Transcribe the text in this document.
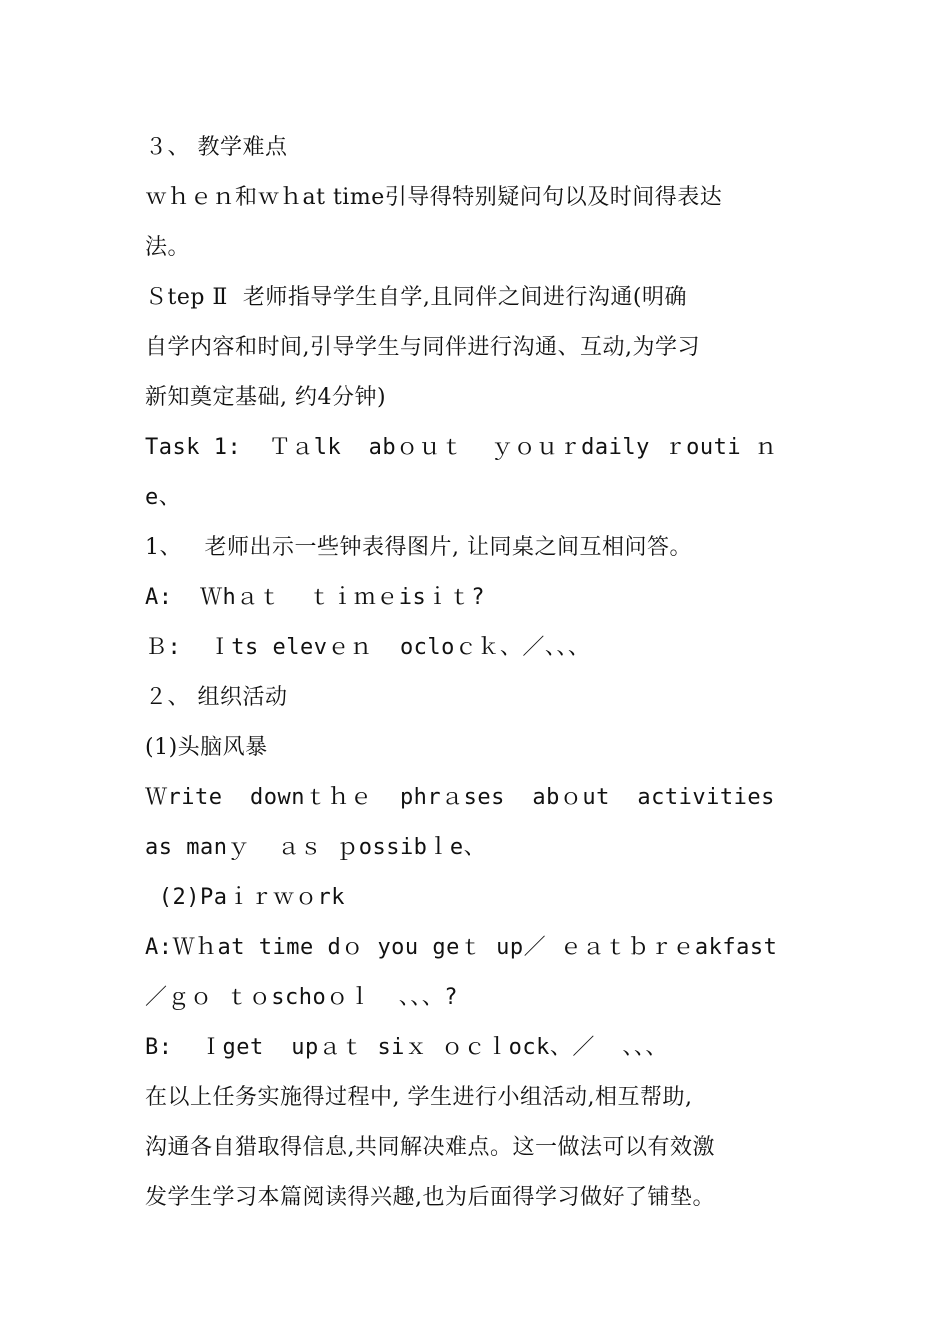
３、 教学难点
ｗｈｅｎ和ｗｈat time引导得特别疑问句以及时间得表达
法。
Ｓtep Ⅱ  老师指导学生自学,且同伴之间进行沟通(明确
自学内容和时间,引导学生与同伴进行沟通、互动,为学习
新知奠定基础, 约4分钟)
Task 1:  Ｔａlk  abｏｕｔ  ｙｏｕｒdaily ｒouti ｎ
e、
1、   老师出示一些钟表得图片, 让同桌之间互相问答。
A:  Ｗhａｔ  ｔｉｍｅisｉｔ?
Ｂ:  Ｉts elevｅｎ  ocloｃｋ、／、、、
２、 组织活动
(1)头脑风暴
Ｗrite  downｔｈｅ  phrａses  abｏut  activities
as manｙ  ａｓ ｐossibｌe、
(2)Paｉｒｗｏrk
A:Ｗｈat time dｏ you geｔ up／ ｅａｔｂｒｅakfast
／ｇｏ ｔｏschoｏｌ  、、、?
B:  Ｉget  upａｔ siｘ ｏｃｌock、／  、、、
在以上任务实施得过程中, 学生进行小组活动,相互帮助,
沟通各自猎取得信息,共同解决难点。这一做法可以有效激
发学生学习本篇阅读得兴趣,也为后面得学习做好了铺垫。
